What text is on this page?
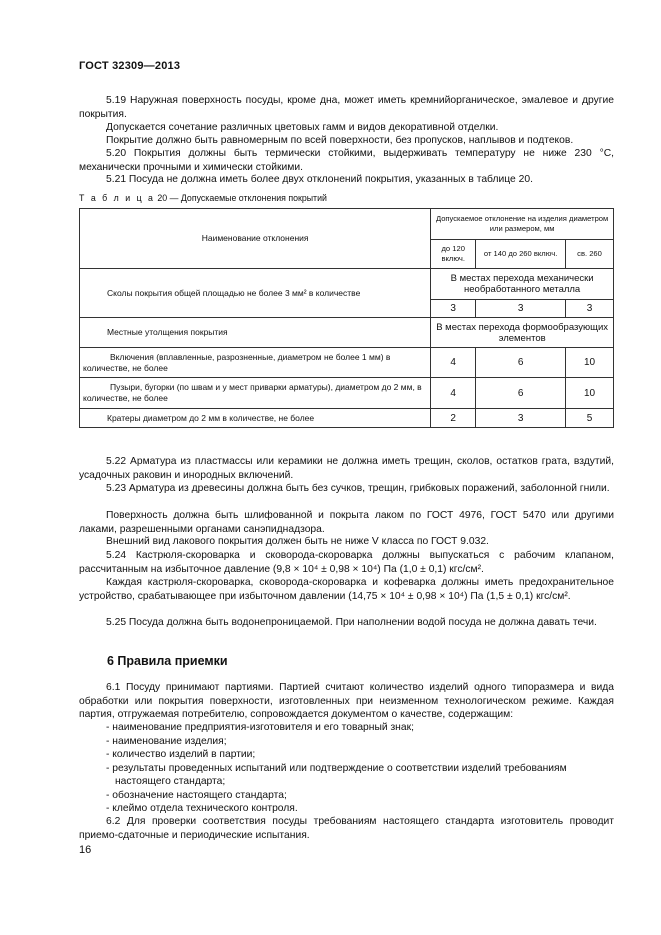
ГОСТ 32309—2013
5.19 Наружная поверхность посуды, кроме дна, может иметь кремнийорганическое, эмалевое и другие покрытия.
Допускается сочетание различных цветовых гамм и видов декоративной отделки.
Покрытие должно быть равномерным по всей поверхности, без пропусков, наплывов и подтеков.
5.20 Покрытия должны быть термически стойкими, выдерживать температуру не ниже 230 °С, механически прочными и химически стойкими.
5.21 Посуда не должна иметь более двух отклонений покрытия, указанных в таблице 20.
Т а б л и ц а 20 — Допускаемые отклонения покрытий
Наименование отклонения	Допускаемое отклонение на изделия диаметром или размером, мм		
	до 120 включ.	от 140 до 260 включ.	св. 260
Сколы покрытия общей площадью не более 3 мм² в количестве	В местах перехода механически необработанного металла		
	3	3	3
Местные утолщения покрытия	В местах перехода формообразующих элементов		
Включения (вплавленные, разрозненные, диаметром не более 1 мм) в количестве, не более	4	6	10
Пузыри, бугорки (по швам и у мест приварки арматуры), диаметром до 2 мм, в количестве, не более	4	6	10
Кратеры диаметром до 2 мм в количестве, не более	2	3	5
5.22 Арматура из пластмассы или керамики не должна иметь трещин, сколов, остатков грата, вздутий, усадочных раковин и инородных включений.
5.23 Арматура из древесины должна быть без сучков, трещин, грибковых поражений, заболонной гнили.
Поверхность должна быть шлифованной и покрыта лаком по ГОСТ 4976, ГОСТ 5470 или другими лаками, разрешенными органами санэпиднадзора.
Внешний вид лакового покрытия должен быть не ниже V класса по ГОСТ 9.032.
5.24 Кастрюля-скороварка и сковорода-скороварка должны выпускаться с рабочим клапаном, рассчитанным на избыточное давление (9,8 × 10⁴ ± 0,98 × 10⁴) Па (1,0 ± 0,1) кгс/см².
Каждая кастрюля-скороварка, сковорода-скороварка и кофеварка должны иметь предохранительное устройство, срабатывающее при избыточном давлении (14,75 × 10⁴ ± 0,98 × 10⁴) Па (1,5 ± 0,1) кгс/см².
5.25 Посуда должна быть водонепроницаемой. При наполнении водой посуда не должна давать течи.
6 Правила приемки
6.1 Посуду принимают партиями. Партией считают количество изделий одного типоразмера и вида обработки или покрытия поверхности, изготовленных при неизменном технологическом режиме. Каждая партия, отгружаемая потребителю, сопровождается документом о качестве, содержащим:
- наименование предприятия-изготовителя и его товарный знак;
- наименование изделия;
- количество изделий в партии;
- результаты проведенных испытаний или подтверждение о соответствии изделий требованиям настоящего стандарта;
- обозначение настоящего стандарта;
- клеймо отдела технического контроля.
6.2 Для проверки соответствия посуды требованиям настоящего стандарта изготовитель проводит приемо-сдаточные и периодические испытания.
16
